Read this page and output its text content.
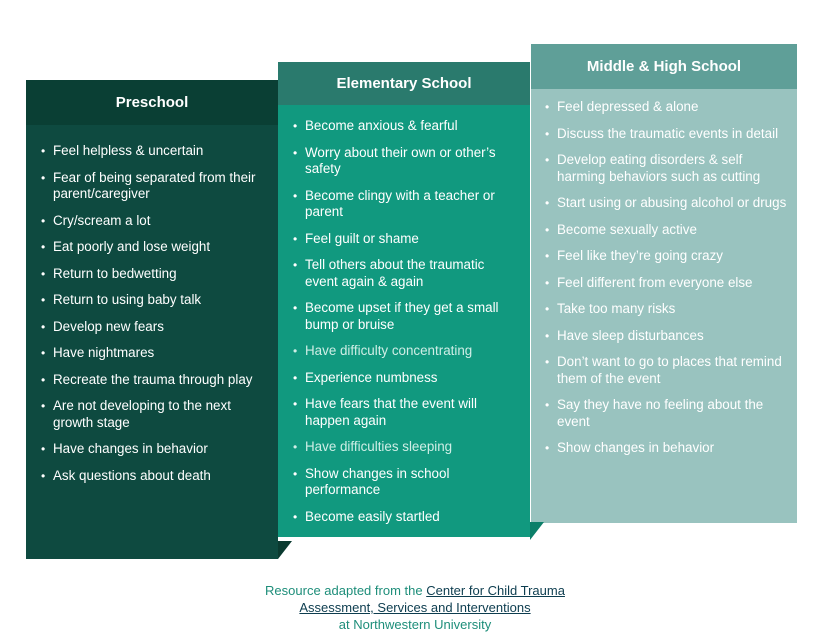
Preschool
• Feel helpless & uncertain
• Fear of being separated from their parent/caregiver
• Cry/scream a lot
• Eat poorly and lose weight
• Return to bedwetting
• Return to using baby talk
• Develop new fears
• Have nightmares
• Recreate the trauma through play
• Are not developing to the next growth stage
• Have changes in behavior
• Ask questions about death
Elementary School
• Become anxious & fearful
• Worry about their own or other’s safety
• Become clingy with a teacher or parent
• Feel guilt or shame
• Tell others about the traumatic event again & again
• Become upset if they get a small bump or bruise
• Have difficulty concentrating
• Experience numbness
• Have fears that the event will happen again
• Have difficulties sleeping
• Show changes in school performance
• Become easily startled
Middle & High School
• Feel depressed & alone
• Discuss the traumatic events in detail
• Develop eating disorders & self harming behaviors such as cutting
• Start using or abusing alcohol or drugs
• Become sexually active
• Feel like they’re going crazy
• Feel different from everyone else
• Take too many risks
• Have sleep disturbances
• Don’t want to go to places that remind them of the event
• Say they have no feeling about the event
• Show changes in behavior
Resource adapted from the Center for Child Trauma
Assessment, Services and Interventions
at Northwestern University
